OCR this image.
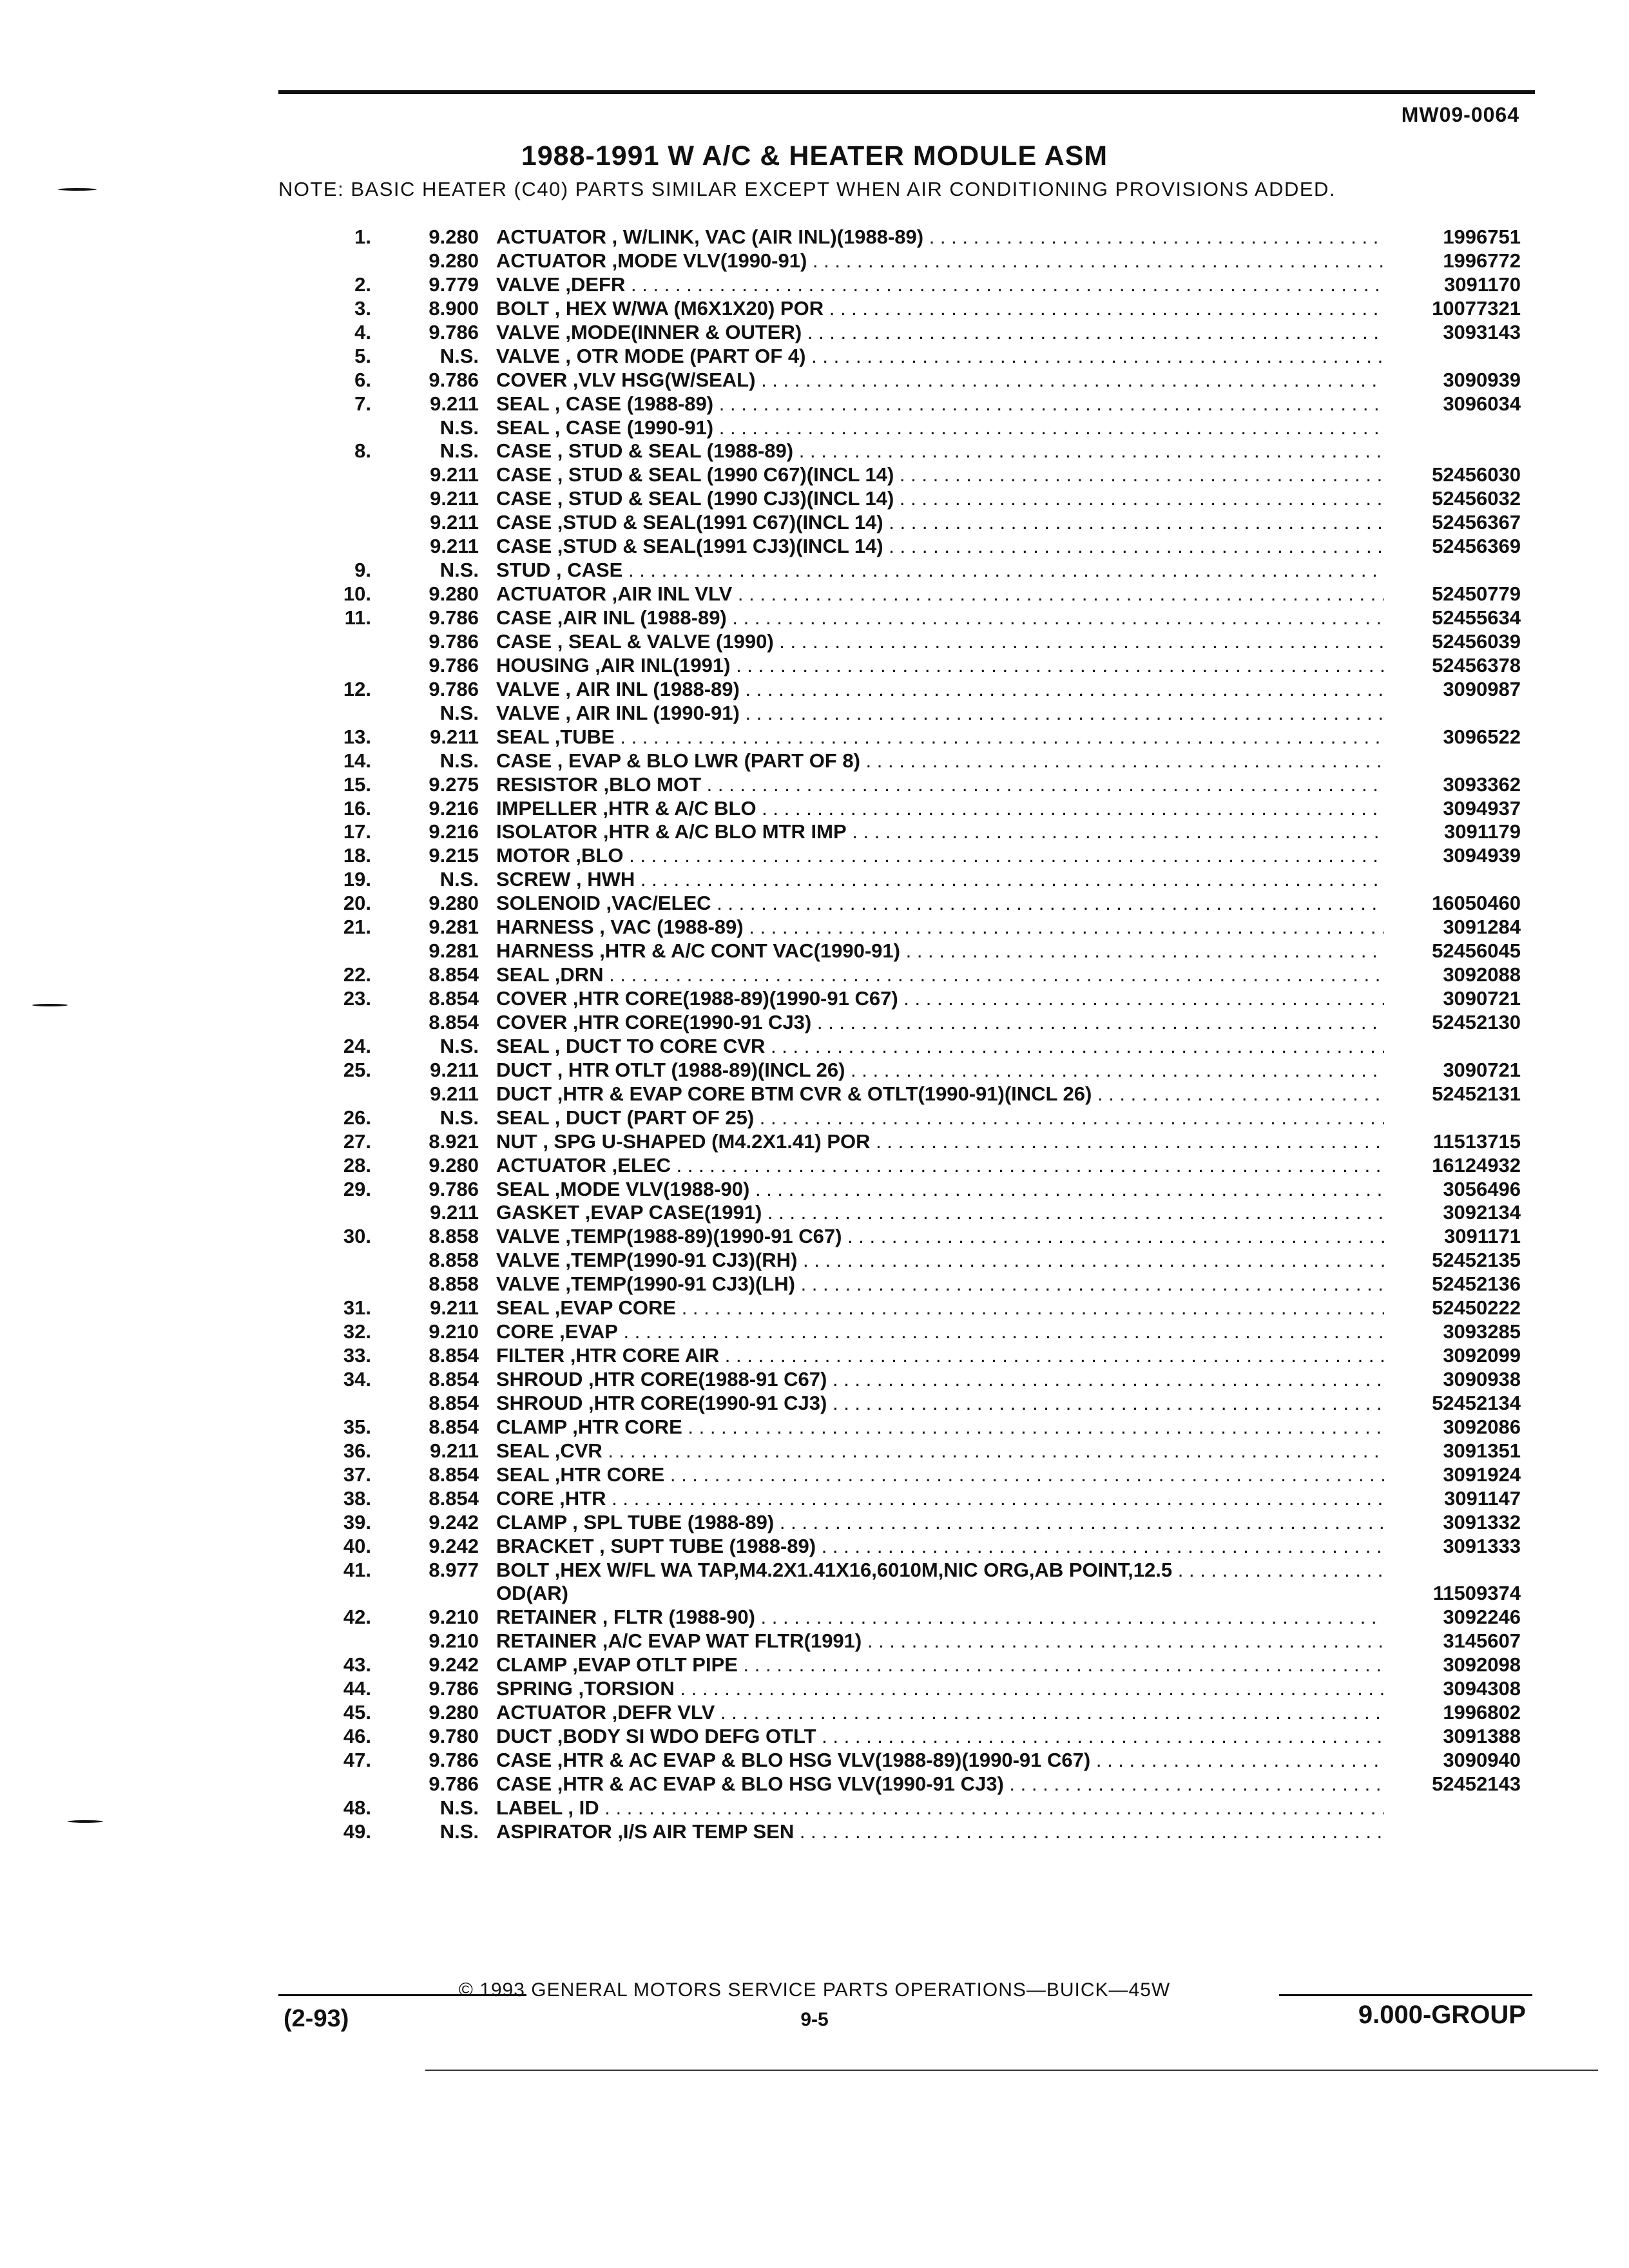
MW09-0064
1988-1991 W A/C & HEATER MODULE ASM
NOTE: BASIC HEATER (C40) PARTS SIMILAR EXCEPT WHEN AIR CONDITIONING PROVISIONS ADDED.
1.	9.280 ACTUATOR , W/LINK, VAC (AIR INL)(1988-89) . . .	1996751
9.280 ACTUATOR ,MODE VLV(1990-91) . . .	1996772
2.	9.779 VALVE ,DEFR . . .	3091170
3.	8.900 BOLT , HEX W/WA (M6X1X20) POR . . .	10077321
4.	9.786 VALVE ,MODE(INNER & OUTER) . . .	3093143
5.	N.S. VALVE , OTR MODE (PART OF 4) . . .
6.	9.786 COVER ,VLV HSG(W/SEAL) . . .	3090939
7.	9.211 SEAL , CASE (1988-89) . . .	3096034
N.S. SEAL , CASE (1990-91) . . .
8.	N.S. CASE , STUD & SEAL (1988-89) . . .
9.211 CASE , STUD & SEAL (1990 C67)(INCL 14) . . .	52456030
9.211 CASE , STUD & SEAL (1990 CJ3)(INCL 14) . . .	52456032
9.211 CASE ,STUD & SEAL(1991 C67)(INCL 14) . . .	52456367
9.211 CASE ,STUD & SEAL(1991 CJ3)(INCL 14) . . .	52456369
9.	N.S. STUD , CASE . . .
10.	9.280 ACTUATOR ,AIR INL VLV . . .	52450779
11.	9.786 CASE ,AIR INL (1988-89) . . .	52455634
9.786 CASE , SEAL & VALVE (1990) . . .	52456039
9.786 HOUSING ,AIR INL(1991) . . .	52456378
12.	9.786 VALVE , AIR INL (1988-89) . . .	3090987
N.S. VALVE , AIR INL (1990-91) . . .
13.	9.211 SEAL ,TUBE . . .	3096522
14.	N.S. CASE , EVAP & BLO LWR (PART OF 8) . . .
15.	9.275 RESISTOR ,BLO MOT . . .	3093362
16.	9.216 IMPELLER ,HTR & A/C BLO . . .	3094937
17.	9.216 ISOLATOR ,HTR & A/C BLO MTR IMP . . .	3091179
18.	9.215 MOTOR ,BLO . . .	3094939
19.	N.S. SCREW , HWH . . .
20.	9.280 SOLENOID ,VAC/ELEC . . .	16050460
21.	9.281 HARNESS , VAC (1988-89) . . .	3091284
9.281 HARNESS ,HTR & A/C CONT VAC(1990-91) . . .	52456045
22.	8.854 SEAL ,DRN . . .	3092088
23.	8.854 COVER ,HTR CORE(1988-89)(1990-91 C67) . . .	3090721
8.854 COVER ,HTR CORE(1990-91 CJ3) . . .	52452130
24.	N.S. SEAL , DUCT TO CORE CVR . . .
25.	9.211 DUCT , HTR OTLT (1988-89)(INCL 26) . . .	3090721
9.211 DUCT ,HTR & EVAP CORE BTM CVR & OTLT(1990-91)(INCL 26) . . .	52452131
26.	N.S. SEAL , DUCT (PART OF 25) . . .
27.	8.921 NUT , SPG U-SHAPED (M4.2X1.41) POR . . .	11513715
28.	9.280 ACTUATOR ,ELEC . . .	16124932
29.	9.786 SEAL ,MODE VLV(1988-90) . . .	3056496
9.211 GASKET ,EVAP CASE(1991) . . .	3092134
30.	8.858 VALVE ,TEMP(1988-89)(1990-91 C67) . . .	3091171
8.858 VALVE ,TEMP(1990-91 CJ3)(RH) . . .	52452135
8.858 VALVE ,TEMP(1990-91 CJ3)(LH) . . .	52452136
31.	9.211 SEAL ,EVAP CORE . . .	52450222
32.	9.210 CORE ,EVAP . . .	3093285
33.	8.854 FILTER ,HTR CORE AIR . . .	3092099
34.	8.854 SHROUD ,HTR CORE(1988-91 C67) . . .	3090938
8.854 SHROUD ,HTR CORE(1990-91 CJ3) . . .	52452134
35.	8.854 CLAMP ,HTR CORE . . .	3092086
36.	9.211 SEAL ,CVR . . .	3091351
37.	8.854 SEAL ,HTR CORE . . .	3091924
38.	8.854 CORE ,HTR . . .	3091147
39.	9.242 CLAMP , SPL TUBE (1988-89) . . .	3091332
40.	9.242 BRACKET , SUPT TUBE (1988-89) . . .	3091333
41.	8.977 BOLT ,HEX W/FL WA TAP,M4.2X1.41X16,6010M,NIC ORG,AB POINT,12.5 . . .
OD(AR)	11509374
42.	9.210 RETAINER , FLTR (1988-90) . . .	3092246
9.210 RETAINER ,A/C EVAP WAT FLTR(1991) . . .	3145607
43.	9.242 CLAMP ,EVAP OTLT PIPE . . .	3092098
44.	9.786 SPRING ,TORSION . . .	3094308
45.	9.280 ACTUATOR ,DEFR VLV . . .	1996802
46.	9.780 DUCT ,BODY SI WDO DEFG OTLT . . .	3091388
47.	9.786 CASE ,HTR & AC EVAP & BLO HSG VLV(1988-89)(1990-91 C67) . . .	3090940
9.786 CASE ,HTR & AC EVAP & BLO HSG VLV(1990-91 CJ3) . . .	52452143
48.	N.S. LABEL , ID . . .
49.	N.S. ASPIRATOR ,I/S AIR TEMP SEN . . .
© 1993 GENERAL MOTORS SERVICE PARTS OPERATIONS—BUICK—45W
(2-93)	9-5	9.000-GROUP
